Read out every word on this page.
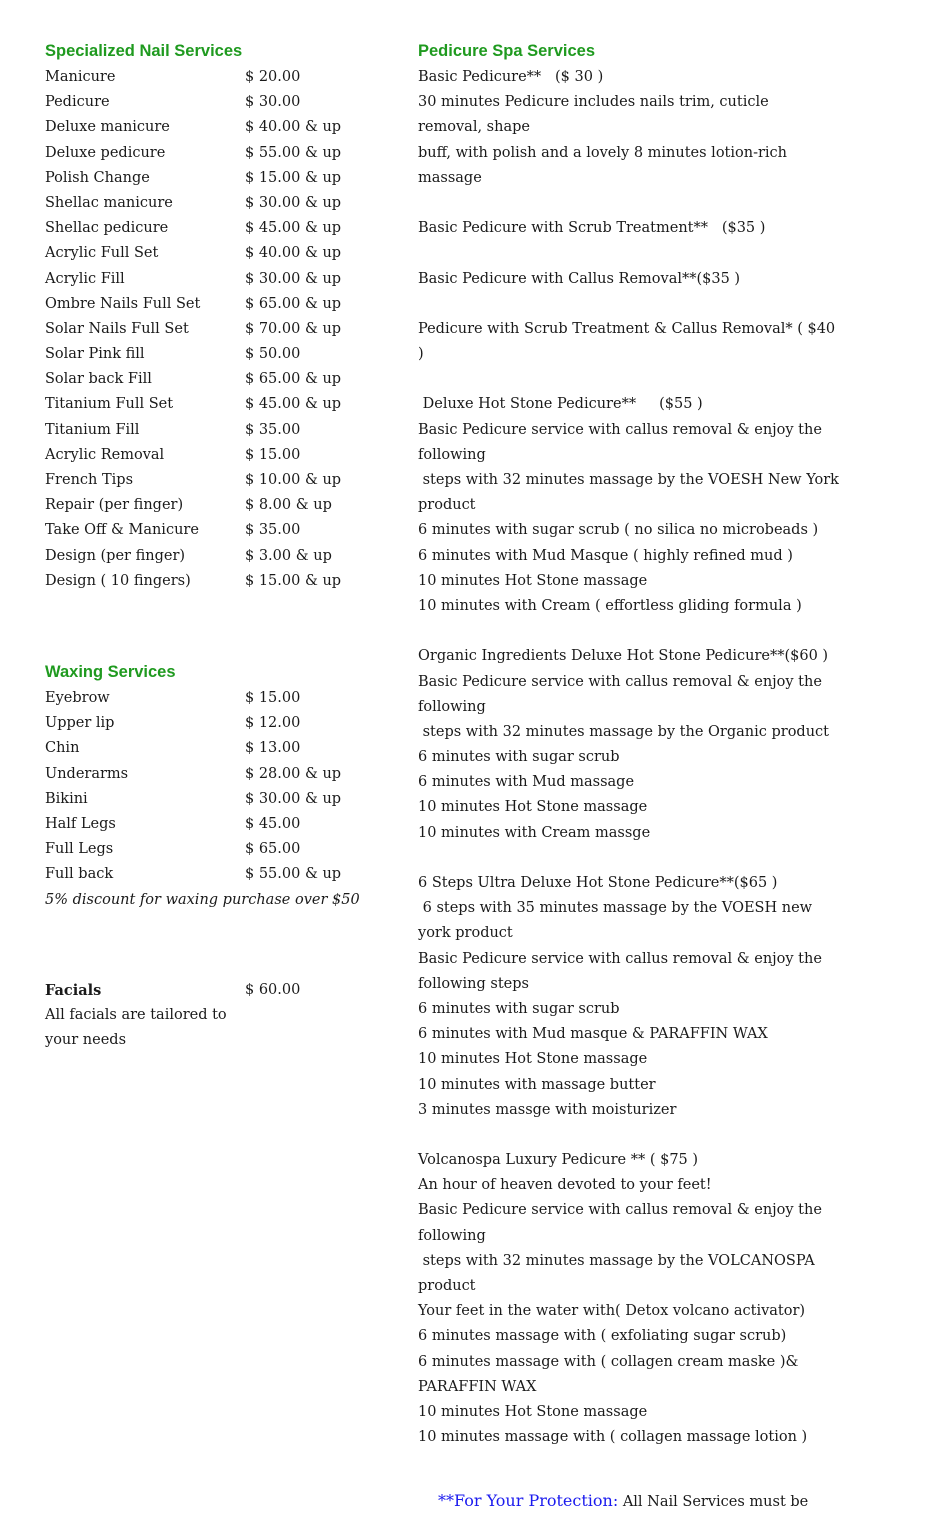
Specialized Nail Services
Manicure	$ 20.00
Pedicure	$ 30.00
Deluxe manicure	$ 40.00 & up
Deluxe pedicure	$ 55.00 & up
Polish Change	$ 15.00 & up
Shellac manicure	$ 30.00 & up
Shellac pedicure	$ 45.00 & up
Acrylic Full Set	$ 40.00 & up
Acrylic Fill	$ 30.00 & up
Ombre Nails Full Set	$ 65.00 & up
Solar Nails Full Set	$ 70.00 & up
Solar Pink fill	$ 50.00
Solar back Fill	$ 65.00 & up
Titanium Full Set	$ 45.00 & up
Titanium Fill	$ 35.00
Acrylic Removal	$ 15.00
French Tips	$ 10.00 & up
Repair (per finger)	$ 8.00 & up
Take Off & Manicure	$ 35.00
Design (per finger)	$ 3.00 & up
Design ( 10 fingers)	$ 15.00 & up
Waxing Services
Eyebrow	$ 15.00
Upper lip	$ 12.00
Chin	$ 13.00
Underarms	$ 28.00 & up
Bikini	$ 30.00 & up
Half Legs	$ 45.00
Full Legs	$ 65.00
Full back	$ 55.00 & up
5% discount for waxing purchase over $50
Facials	$ 60.00
All facials are tailored to
your needs
Pedicure Spa Services
Basic Pedicure**   ($ 30 )
30 minutes Pedicure includes nails trim, cuticle
removal, shape
buff, with polish and a lovely 8 minutes lotion-rich
massage
Basic Pedicure with Scrub Treatment**   ($35 )
Basic Pedicure with Callus Removal**($35 )
Pedicure with Scrub Treatment & Callus Removal* ( $40
)
Deluxe Hot Stone Pedicure**     ($55 )
Basic Pedicure service with callus removal & enjoy the
following
steps with 32 minutes massage by the VOESH New York
product
6 minutes with sugar scrub ( no silica no microbeads )
6 minutes with Mud Masque ( highly refined mud )
10 minutes Hot Stone massage
10 minutes with Cream ( effortless gliding formula )
Organic Ingredients Deluxe Hot Stone Pedicure**($60 )
Basic Pedicure service with callus removal & enjoy the
following
steps with 32 minutes massage by the Organic product
6 minutes with sugar scrub
6 minutes with Mud massage
10 minutes Hot Stone massage
10 minutes with Cream massge
6 Steps Ultra Deluxe Hot Stone Pedicure**($65 )
6 steps with 35 minutes massage by the VOESH new
york product
Basic Pedicure service with callus removal & enjoy the
following steps
6 minutes with sugar scrub
6 minutes with Mud masque & PARAFFIN WAX
10 minutes Hot Stone massage
10 minutes with massage butter
3 minutes massge with moisturizer
Volcanospa Luxury Pedicure ** ( $75 )
An hour of heaven devoted to your feet!
Basic Pedicure service with callus removal & enjoy the
following
steps with 32 minutes massage by the VOLCANOSPA
product
Your feet in the water with( Detox volcano activator)
6 minutes massage with ( exfoliating sugar scrub)
6 minutes massage with ( collagen cream maske )&
PARAFFIN WAX
10 minutes Hot Stone massage
10 minutes massage with ( collagen massage lotion )
**For Your Protection: All Nail Services must be
